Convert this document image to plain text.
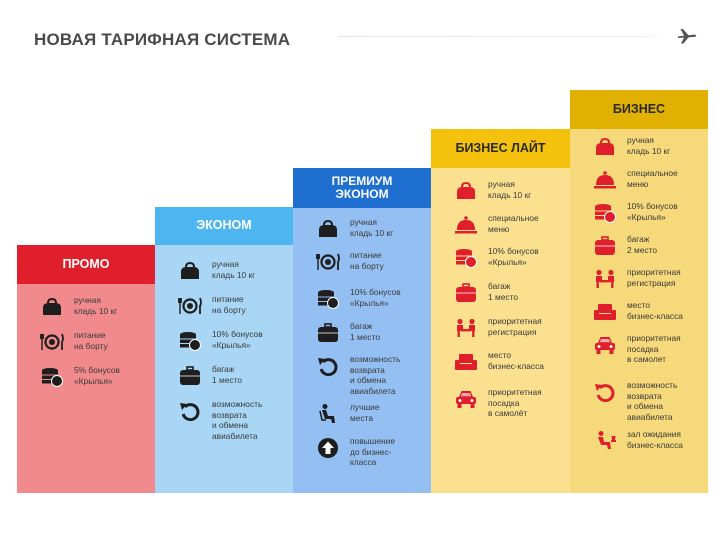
НОВАЯ ТАРИФНАЯ СИСТЕМА
ПРОМО
ручная
кладь 10 кг
питание
на борту
5% бонусов
«Крылья»
ЭКОНОМ
ручная
кладь 10 кг
питание
на борту
10% бонусов
«Крылья»
багаж
1 место
возможность
возврата
и обмена
авиабилета
ПРЕМИУМ
ЭКОНОМ
ручная
кладь 10 кг
питание
на борту
10% бонусов
«Крылья»
багаж
1 место
возможность
возврата
и обмена
авиабилета
лучшие
места
повышение
до бизнес-
класса
БИЗНЕС ЛАЙТ
ручная
кладь 10 кг
специальное
меню
10% бонусов
«Крылья»
багаж
1 место
приоритетная
регистрация
место
бизнес-класса
приоритетная
посадка
в самолёт
БИЗНЕС
ручная
кладь 10 кг
специальное
меню
10% бонусов
«Крылья»
багаж
2 место
приоритетная
регистрация
место
бизнес-класса
приоритетная
посадка
в самолет
возможность
возврата
и обмена
авиабилета
зал ожидания
бизнес-класса
